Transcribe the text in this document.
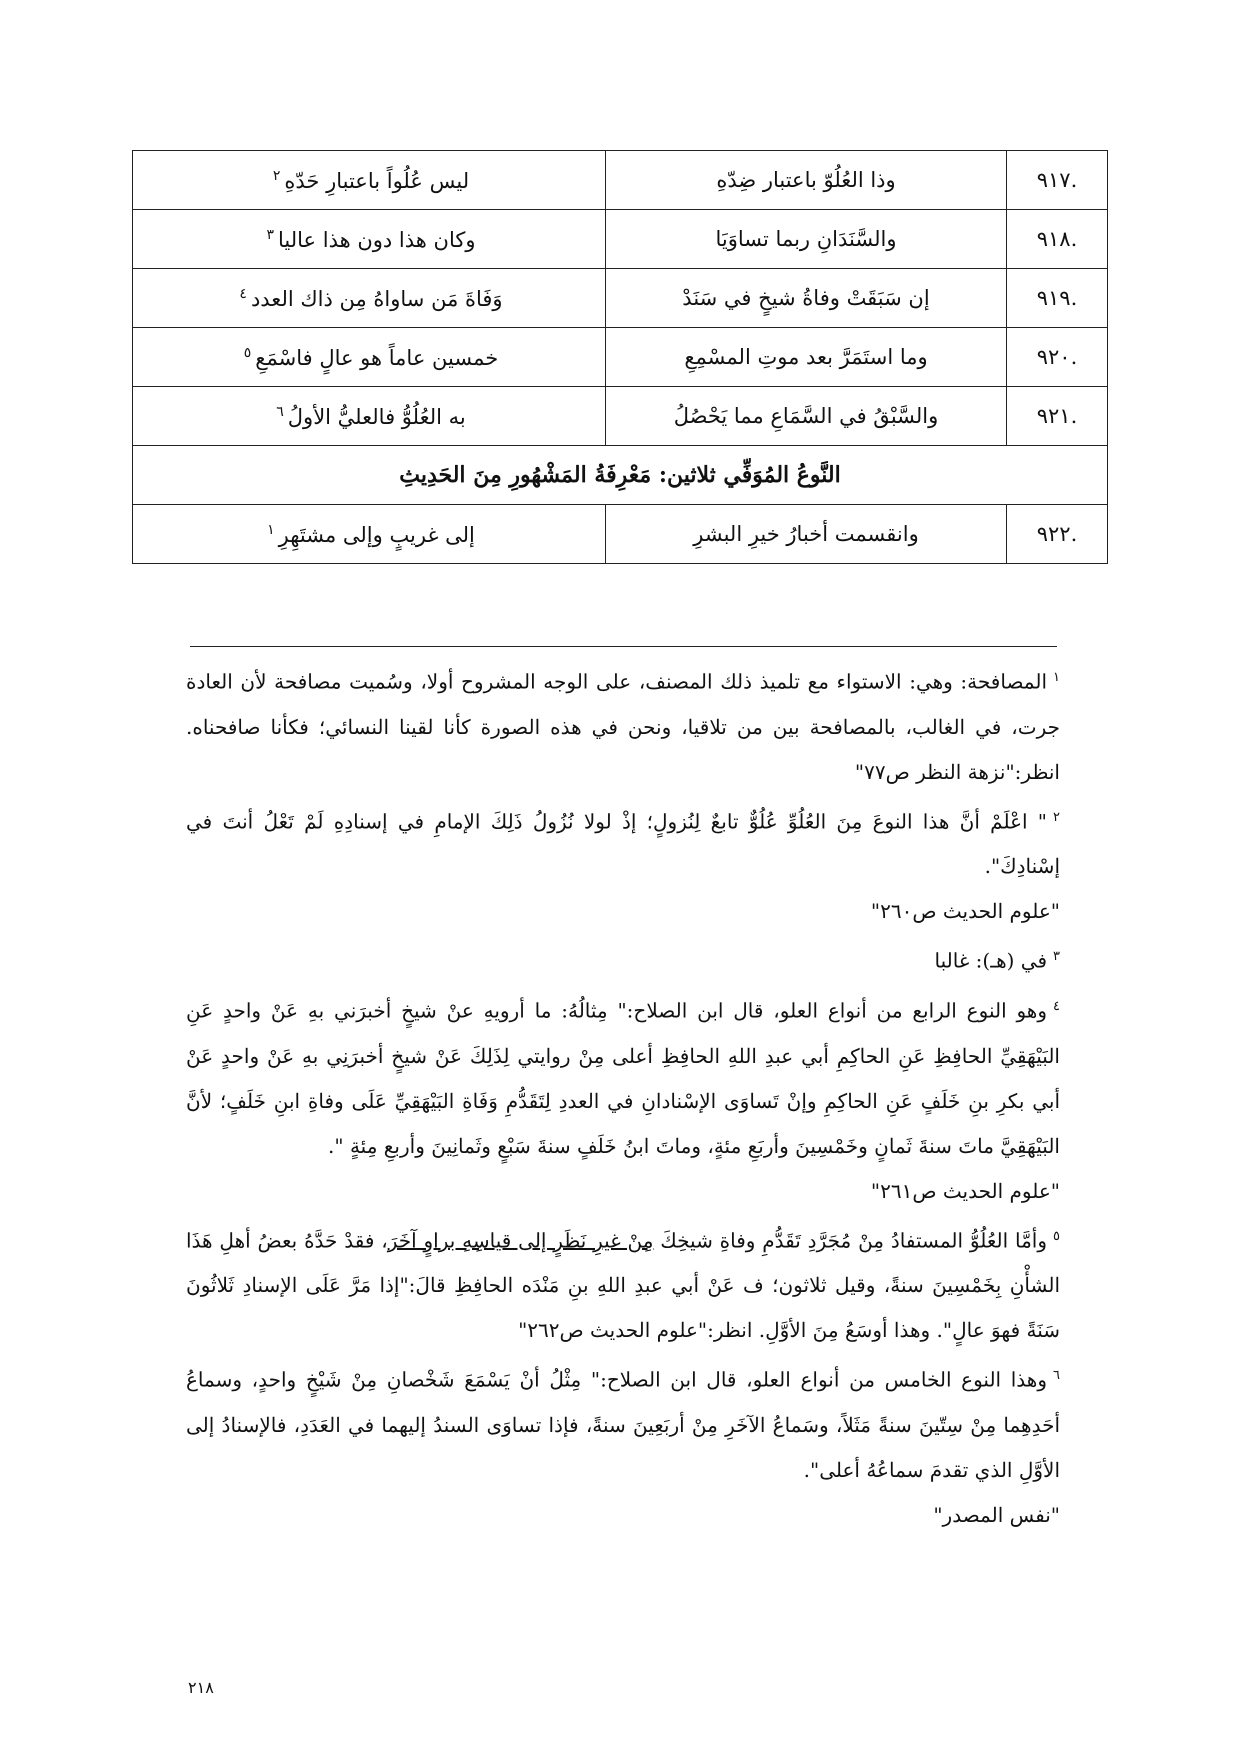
.٩١٧	وذا العُلُوّ باعتبار ضِدّهِ	ليس عُلُواً باعتبارِ حَدّهِ$^٢$
.٩١٨	والسَّنَدَانِ ربما تساوَيَا	وكان هذا دون هذا عاليا$^٣$
.٩١٩	إن سَبَقَتْ وفاةُ شيخٍ في سَنَدْ	وَفَاةَ مَن ساواهُ مِن ذاك العدد$^٤$
.٩٢٠	وما استَمَرَّ بعد موتِ المسْمِعِ	خمسين عاماً هو عالٍ فاسْمَعِ$^٥$
.٩٢١	والسَّبْقُ في السَّمَاعِ مما يَحْصُلُ	به العُلُوُّ فالعليُّ الأولُ$^٦$
النَّوعُ المُوَفِّي ثلاثين: مَعْرِفَةُ المَشْهُورِ مِنَ الحَدِيثِ		
.٩٢٢	وانقسمت أخبارُ خيرِ البشرِ	إلى غريبٍ وإلى مشتَهِرِ$^١$

$^١$المصافحة: وهي: الاستواء مع تلميذ ذلك المصنف، على الوجه المشروح أولا، وسُميت مصافحة لأن العادة جرت، في الغالب، بالمصافحة بين من تلاقيا، ونحن في هذه الصورة كأنا لقينا النسائي؛ فكأنا صافحناه. انظر:"نزهة النظر ص٧٧"

$^٢$" اعْلَمْ أنَّ هذا النوعَ مِنَ العُلُوِّ عُلُوٌّ تابعٌ لِنُزولٍ؛ إذْ لولا نُزُولُ ذَلِكَ الإمامِ في إسنادِهِ لَمْ تَعْلُ أنتَ في إسْنادِكَ".
"علوم الحديث ص٢٦٠"

$^٣$في (هـ): غالبا

$^٤$وهو النوع الرابع من أنواع العلو، قال ابن الصلاح:" مِثالُهُ: ما أرويهِ عنْ شيخٍ أخبرَني بهِ عَنْ واحدٍ عَنِ البَيْهَقِيِّ الحافِظِ عَنِ الحاكِمِ أبي عبدِ اللهِ الحافِظِ أعلى مِنْ روايتي لِذَلِكَ عَنْ شيخٍ أخبرَنِي بهِ عَنْ واحدٍ عَنْ أبي بكرِ بنِ خَلَفٍ عَنِ الحاكِمِ وإنْ تَساوَى الإسْنادانِ في العددِ لِتَقَدُّمِ وَفَاةِ البَيْهَقِيِّ عَلَى وفاةِ ابنِ خَلَفٍ؛ لأنَّ البَيْهَقِيَّ ماتَ سنةَ ثَمانٍ وخَمْسِينَ وأربَعِ مئةٍ، وماتَ ابنُ خَلَفٍ سنةَ سَبْعٍ وثَمانِينَ وأربعِ مِئةٍ ".
"علوم الحديث ص٢٦١"

$^٥$وأمَّا العُلُوُّ المستفادُ مِنْ مُجَرَّدِ تَقَدُّمِ وفاةِ شيخِكَ مِنْ غيرِ نَظَرٍ إلى قياسِهِ براوٍ آخَرَ، فقدْ حَدَّهُ بعضُ أهلِ هَذَا الشأْنِ بِخَمْسِينَ سنةً، وقيل ثلاثون؛ ف عَنْ أبي عبدِ اللهِ بنِ مَنْدَه الحافِظِ قالَ:"إذا مَرَّ عَلَى الإسنادِ ثَلاثُونَ سَنَةً فهوَ عالٍ". وهذا أوسَعُ مِنَ الأوَّلِ. انظر:"علوم الحديث ص٢٦٢"

$^٦$وهذا النوع الخامس من أنواع العلو، قال ابن الصلاح:" مِثْلُ أنْ يَسْمَعَ شَخْصانِ مِنْ شَيْخٍ واحدٍ، وسماعُ أحَدِهِما مِنْ سِتّينَ سنةً مَثَلاً، وسَماعُ الآخَرِ مِنْ أربَعِينَ سنةً، فإذا تساوَى السندُ إليهما في العَدَدِ، فالإسنادُ إلى الأوَّلِ الذي تقدمَ سماعُهُ أعلى".
"نفس المصدر"

٢١٨
